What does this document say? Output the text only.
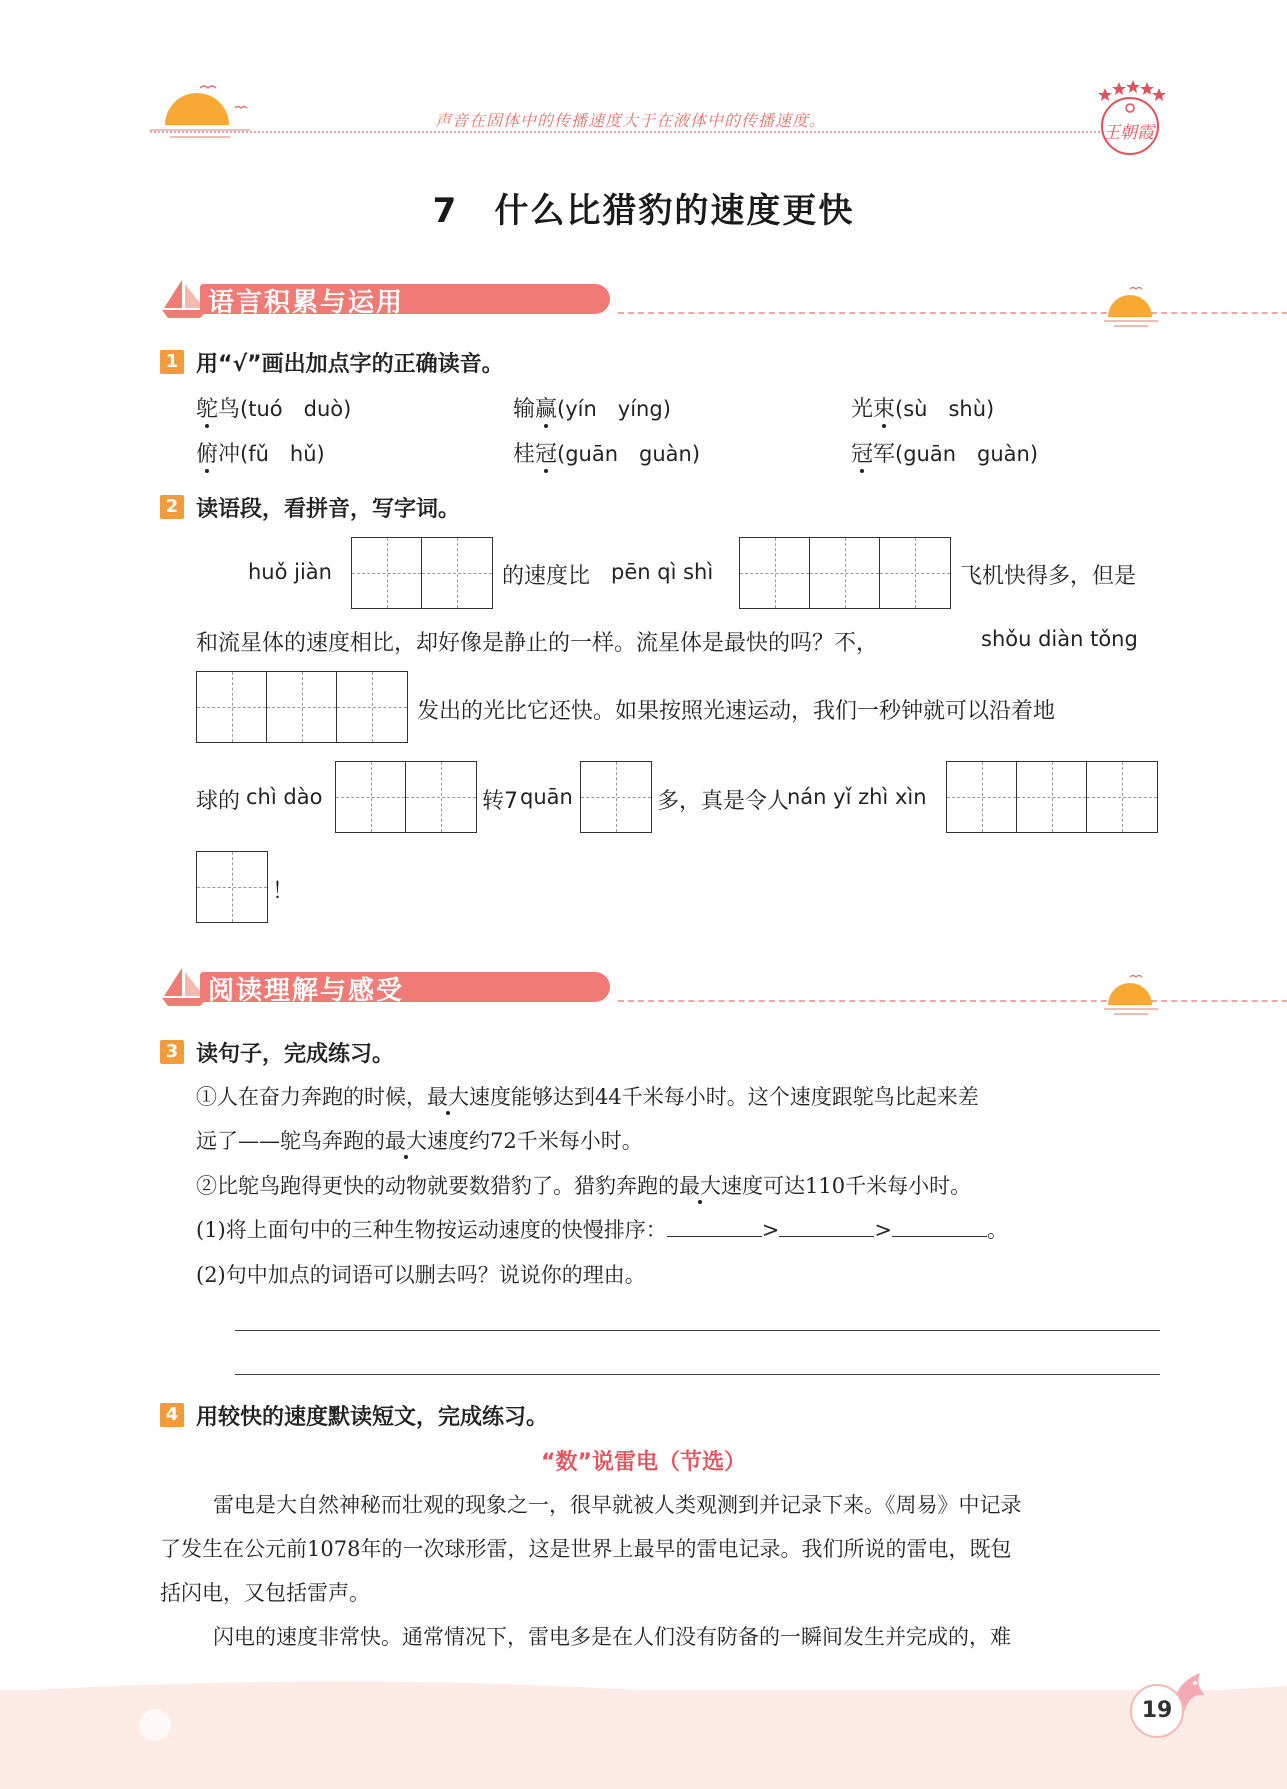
声音在固体中的传播速度大于在液体中的传播速度。
王朝霞
7　什么比猎豹的速度更快
语言积累与运用
1 用“√”画出加点字的正确读音。
鸵鸟(tuó　duò)	输赢(yín　yíng)	光束(sù　shù)
俯冲(fǔ　hǔ)	桂冠(guān　guàn)	冠军(guān　guàn)
2 读语段，看拼音，写字词。
huǒ jiàn	的速度比 pēn qì shì	飞机快得多，但是
和流星体的速度相比，却好像是静止的一样。流星体是最快的吗？不，	shǒu diàn tǒng
发出的光比它还快。如果按照光速运动，我们一秒钟就可以沿着地
球的 chì dào	转7 quān	多，真是令人
nán yǐ zhì xìn
！
阅读理解与感受
3 读句子，完成练习。
①人在奋力奔跑的时候，最大速度能够达到44千米每小时。这个速度跟鸵鸟比起来差
远了——鸵鸟奔跑的最大速度约72千米每小时。
②比鸵鸟跑得更快的动物就要数猎豹了。猎豹奔跑的最大速度可达110千米每小时。
(1)将上面句中的三种生物按运动速度的快慢排序：	>	>	。
(2)句中加点的词语可以删去吗？说说你的理由。
4 用较快的速度默读短文，完成练习。
“数”说雷电（节选）
雷电是大自然神秘而壮观的现象之一，很早就被人类观测到并记录下来。《周易》中记录
了发生在公元前1078年的一次球形雷，这是世界上最早的雷电记录。我们所说的雷电，既包
括闪电，又包括雷声。
闪电的速度非常快。通常情况下，雷电多是在人们没有防备的一瞬间发生并完成的，难
19
